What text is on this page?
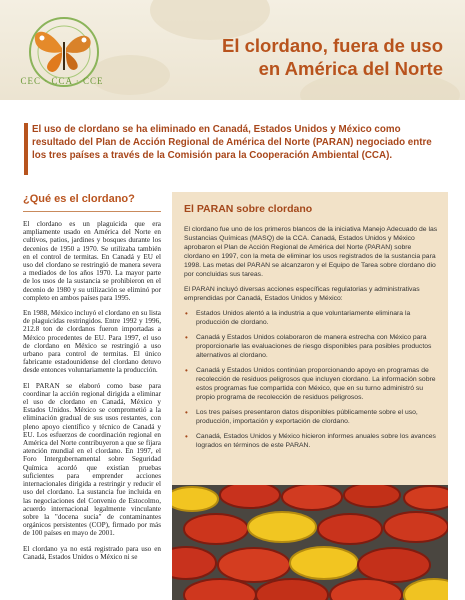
CEC · CCA · CCE
El clordano, fuera de uso
en América del Norte

El uso de clordano se ha eliminado en Canadá, Estados Unidos y México como resultado del Plan de Acción Regional de América del Norte (PARAN) negociado entre los tres países a través de la Comisión para la Cooperación Ambiental (CCA).

¿Qué es el clordano?

El clordano es un plaguicida que era ampliamente usado en América del Norte en cultivos, patios, jardines y bosques durante los decenios de 1950 a 1970. Se utilizaba también en el control de termitas. En Canadá y EU el uso del clordano se restringió de manera severa a mediados de los años 1970. La mayor parte de los usos de la sustancia se prohibieron en el decenio de 1980 y su utilización se eliminó por completo en ambos países para 1995.

En 1988, México incluyó el clordano en su lista de plaguicidas restringidos. Entre 1992 y 1996, 212.8 ton de clordanos fueron importadas a México procedentes de EU. Para 1997, el uso de clordano en México se restringió a uso urbano para control de termitas. El único fabricante estadounidense del clordano detuvo desde entonces voluntariamente la producción.

El PARAN se elaboró como base para coordinar la acción regional dirigida a eliminar el uso de clordano en Canadá, México y Estados Unidos. México se comprometió a la eliminación gradual de sus usos restantes, con pleno apoyo científico y técnico de Canadá y EU. Los esfuerzos de coordinación regional en América del Norte contribuyeron a que se fijara atención mundial en el clordano. En 1997, el Foro Intergubernamental sobre Seguridad Química acordó que existían pruebas suficientes para emprender acciones internacionales dirigida a restringir y reducir el uso del clordano. La sustancia fue incluida en las negociaciones del Convenio de Estocolmo, acuerdo internacional legalmente vinculante sobre la "docena sucia" de contaminantes orgánicos persistentes (COP), firmado por más de 100 países en mayo de 2001.

El clordano ya no está registrado para uso en Canadá, Estados Unidos o México ni se

El PARAN sobre clordano

El clordano fue uno de los primeros blancos de la iniciativa Manejo Adecuado de las Sustancias Químicas (MASQ) de la CCA. Canadá, Estados Unidos y México aprobaron el Plan de Acción Regional de América del Norte (PARAN) sobre clordano en 1997, con la meta de eliminar los usos registrados de la sustancia para 1998. Las metas del PARAN se alcanzaron y el Equipo de Tarea sobre clordano dio por concluidas sus tareas.

El PARAN incluyó diversas acciones específicas regulatorias y administrativas emprendidas por Canadá, Estados Unidos y México:

• Estados Unidos alentó a la industria a que voluntariamente eliminara la producción de clordano.
• Canadá y Estados Unidos colaboraron de manera estrecha con México para proporcionarle las evaluaciones de riesgo disponibles para posibles productos alternativos al clordano.
• Canadá y Estados Unidos continúan proporcionando apoyo en programas de recolección de residuos peligrosos que incluyen clordano. La información sobre estos programas fue compartida con México, que en su turno administró su propio programa de recolección de residuos peligrosos.
• Los tres países presentaron datos disponibles públicamente sobre el uso, producción, importación y exportación de clordano.
• Canadá, Estados Unidos y México hicieron informes anuales sobre los avances logrados en términos de este PARAN.
